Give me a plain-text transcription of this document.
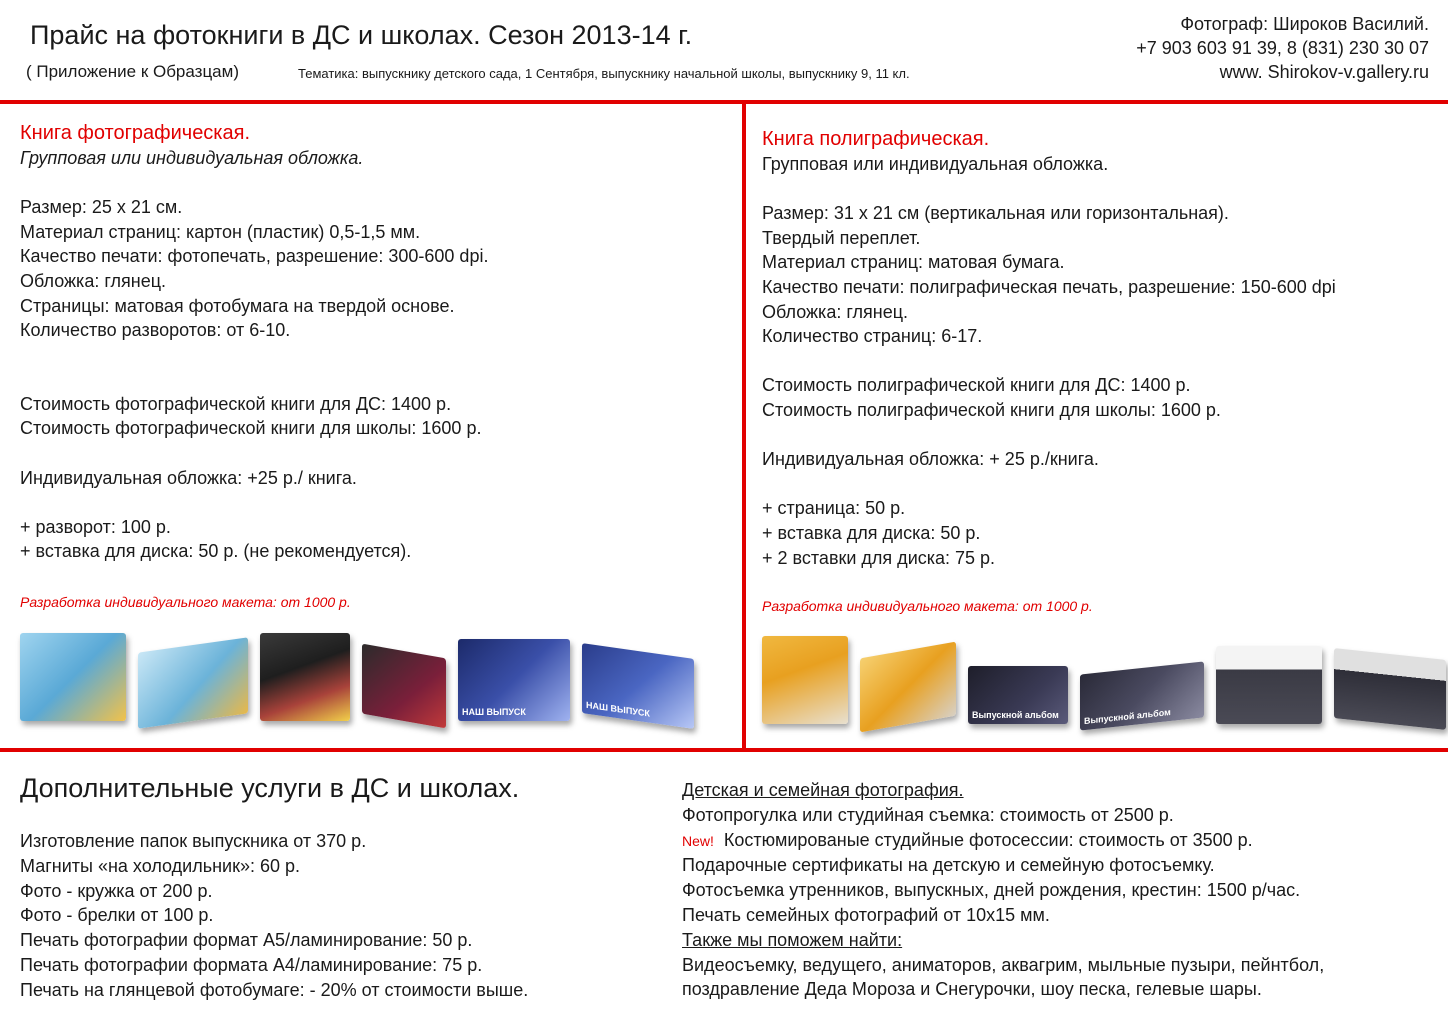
Прайс на фотокниги в ДС и школах. Сезон 2013-14 г.
( Приложение к Образцам)	Тематика: выпускнику детского сада, 1 Сентября, выпускнику начальной школы, выпускнику 9, 11 кл.
Фотограф: Широков Василий.
+7 903 603 91 39, 8 (831) 230 30 07
www. Shirokov-v.gallery.ru
Книга фотографическая.
Групповая или индивидуальная обложка.
Размер: 25 х 21 см.
Материал страниц: картон (пластик) 0,5-1,5 мм.
Качество печати: фотопечать, разрешение: 300-600 dpi.
Обложка: глянец.
Страницы: матовая фотобумага на твердой основе.
Количество разворотов: от 6-10.
Стоимость фотографической книги для ДС: 1400 р.
Стоимость фотографической книги для школы: 1600 р.
Индивидуальная обложка: +25 р./ книга.
+ разворот: 100 р.
+ вставка для диска: 50 р. (не рекомендуется).
Разработка индивидуального макета: от 1000 р.
НАШ ВЫПУСК	НАШ ВЫПУСК
Книга полиграфическая.
Групповая или индивидуальная обложка.
Размер: 31 х 21 см (вертикальная или горизонтальная).
Твердый переплет.
Материал страниц: матовая бумага.
Качество печати: полиграфическая печать, разрешение: 150-600 dpi
Обложка: глянец.
Количество страниц: 6-17.
Стоимость полиграфической книги для ДС: 1400 р.
Стоимость полиграфической книги для школы: 1600 р.
Индивидуальная обложка: + 25 р./книга.
+ страница: 50 р.
+ вставка для диска: 50 р.
+ 2 вставки для диска: 75 р.
Разработка индивидуального макета: от 1000 р.
Выпускной альбом	Выпускной альбом
Дополнительные услуги в ДС и школах.
Изготовление папок выпускника от 370 р.
Магниты «на холодильник»: 60 р.
Фото - кружка от 200 р.
Фото - брелки от 100 р.
Печать фотографии формат А5/ламинирование: 50 р.
Печать фотографии формата А4/ламинирование: 75 р.
Печать на глянцевой фотобумаге: - 20% от стоимости выше.
Детская и семейная фотография.
Фотопрогулка или студийная съемка: стоимость от 2500 р.
New! Костюмированые студийные фотосессии: стоимость от 3500 р.
Подарочные сертификаты на детскую и семейную фотосъемку.
Фотосъемка утренников, выпускных, дней рождения, крестин: 1500 р/час.
Печать семейных фотографий от 10х15 мм.
Также мы поможем найти:
Видеосъемку, ведущего, аниматоров, аквагрим, мыльные пузыри, пейнтбол,
поздравление Деда Мороза и Снегурочки, шоу песка, гелевые шары.
